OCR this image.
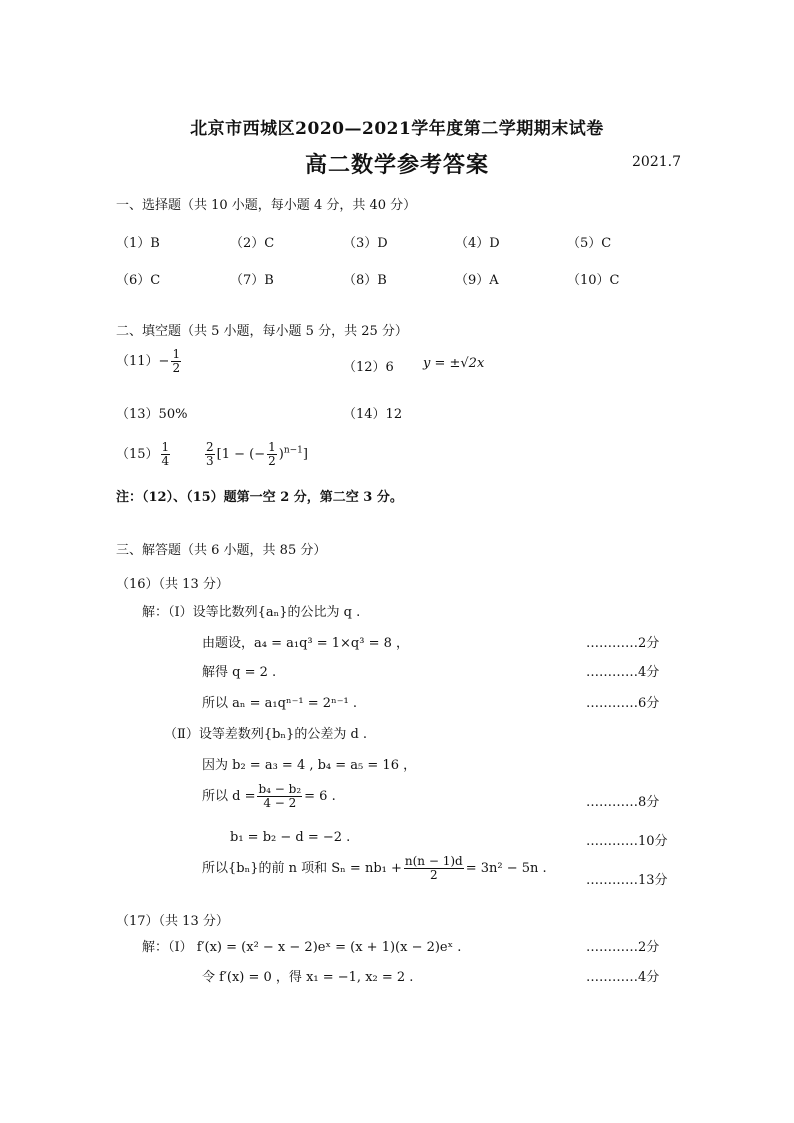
北京市西城区2020—2021学年度第二学期期末试卷
高二数学参考答案	2021.7
一、选择题（共 10 小题，每小题 4 分，共 40 分）
（1）B	（2）C	（3）D	（4）D	（5）C
（6）C	（7）B	（8）B	（9）A	（10）C
二、填空题（共 5 小题，每小题 5 分，共 25 分）
$(11)- \frac{1}{2}$	（12）6 y = ±√2x
（13）50%	（14）12
$(15) \frac{1}{4}$	$\frac{2}{3} [1$ − (− $\frac{1}{2} )^{n-1}$]
注：（12）、（15）题第一空 2 分，第二空 3 分。
三、解答题（共 6 小题，共 85 分）
（16）（共 13 分）
解：（Ⅰ）设等比数列{aₙ}的公比为 q .
由题设，a₄ = a₁q³ = 1×q³ = 8 ，	…………2分
解得 q = 2 .	…………4分
所以 aₙ = a₁qⁿ⁻¹ = 2ⁿ⁻¹ .	…………6分
（Ⅱ）设等差数列{bₙ}的公差为 d .
因为 b₂ = a₃ = 4 , b₄ = a₅ = 16 ，
所以 $d = \frac{\text{b₄ − b₂}}{4 - 2} = 6$ .	…………8分
b₁ = b₂ − d = −2 .	…………10分
所以{bₙ}的前 n 项和 $S_n = nb_1 + \frac{n(n - 1)d}{2} = 3n^2 - 5n$ .
…………13分
（17）（共 13 分）
解：（Ⅰ） f′(x) = (x² − x − 2)eˣ = (x + 1)(x − 2)eˣ .	…………2分
令 f′(x) = 0 ，得 x₁ = −1, x₂ = 2 .	…………4分
